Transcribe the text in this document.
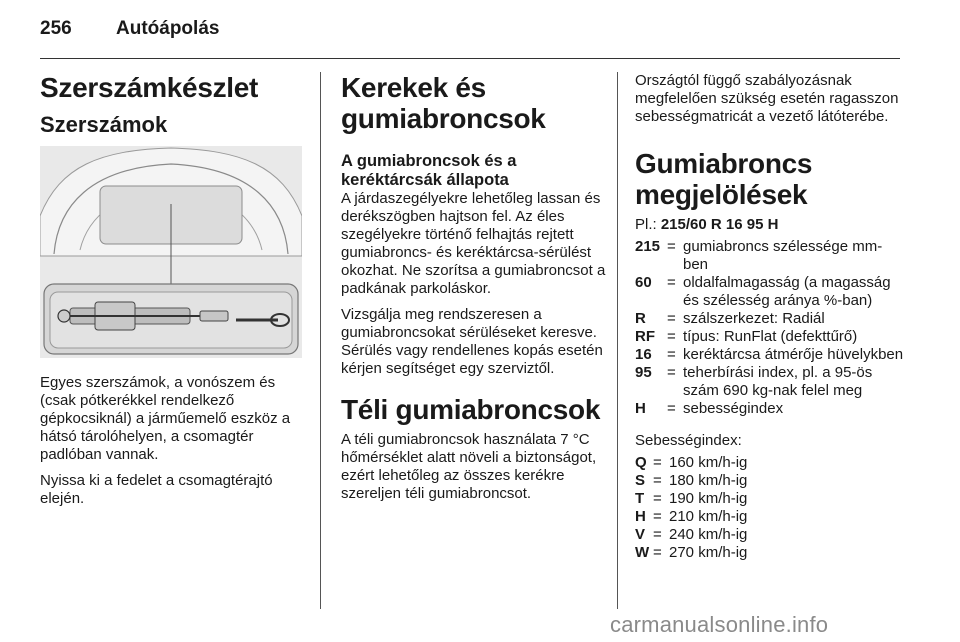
256 Autóápolás
Szerszámkészlet
Szerszámok

Egyes szerszámok, a vonószem és (csak pótkerékkel rendelkező gépkocsiknál) a járműemelő eszköz a hátsó tárolóhelyen, a csomagtér padlóban vannak.

Nyissa ki a fedelet a csomagtérajtó elején.

Kerekek és
gumiabroncsok
A gumiabroncsok és a keréktárcsák állapota

A járdaszegélyekre lehetőleg lassan és derékszögben hajtson fel. Az éles szegélyekre történő felhajtás rejtett gumiabroncs- és keréktárcsa-sérülést okozhat. Ne szorítsa a gumiabroncsot a padkának parkoláskor.

Vizsgálja meg rendszeresen a gumiabroncsokat sérüléseket keresve. Sérülés vagy rendellenes kopás esetén kérjen segítséget egy szerviztől.

Téli gumiabroncsok

A téli gumiabroncsok használata 7 °C hőmérséklet alatt növeli a biztonságot, ezért lehetőleg az összes kerékre szereljen téli gumiabroncsot.

Országtól függő szabályozásnak megfelelően szükség esetén ragasszon sebességmatricát a vezető látóterébe.

Gumiabroncs
megjelölések

Pl.: 215/60 R 16 95 H

215 = gumiabroncs szélessége mm-ben
60	= oldalfalmagasság (a magasság és szélesség aránya %-ban)
R	= szálszerkezet: Radiál
RF = típus: RunFlat (defekttűrő)
16	= keréktárcsa átmérője hüvelykben
95	= teherbírási index, pl. a 95-ös szám 690 kg-nak felel meg
H	= sebességindex

Sebességindex:

Q = 160 km/h-ig
S = 180 km/h-ig
T = 190 km/h-ig
H = 210 km/h-ig
V = 240 km/h-ig
W = 270 km/h-ig
carmanualsonline.info
